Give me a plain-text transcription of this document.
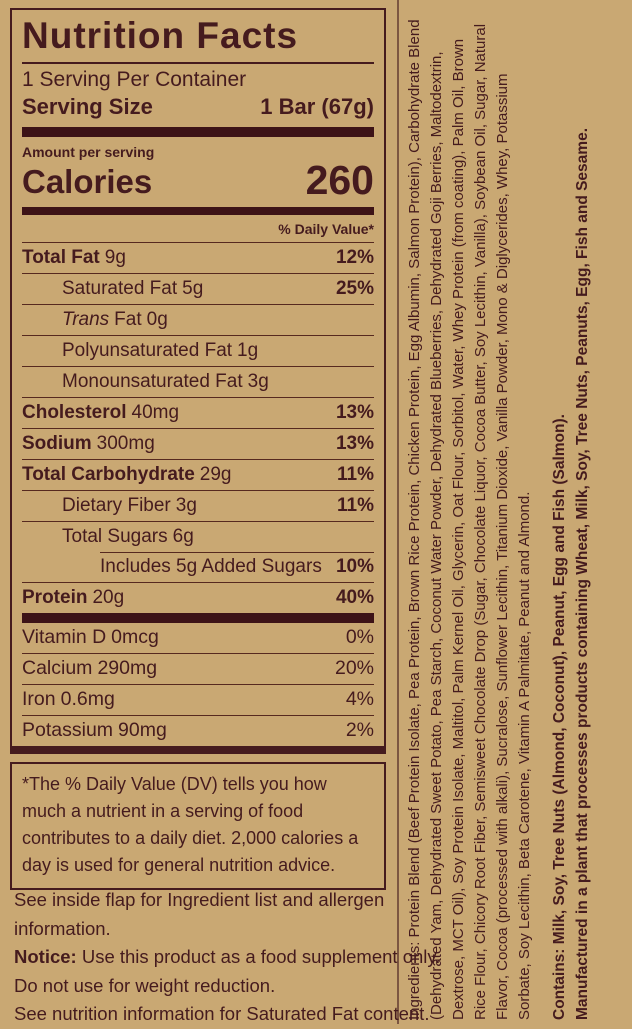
Nutrition Facts
1 Serving Per Container
Serving Size	1 Bar (67g)
Amount per serving
Calories	260
% Daily Value*
Total Fat 9g	12%
Saturated Fat 5g	25%
Trans Fat 0g
Polyunsaturated Fat 1g
Monounsaturated Fat 3g
Cholesterol 40mg	13%
Sodium 300mg	13%
Total Carbohydrate 29g	11%
Dietary Fiber 3g	11%
Total Sugars 6g
Includes 5g Added Sugars 10%
Protein 20g	40%
Vitamin D 0mcg	0%
Calcium 290mg	20%
Iron 0.6mg	4%
Potassium 90mg	2%

*The % Daily Value (DV) tells you how much a nutrient in a serving of food contributes to a daily diet. 2,000 calories a day is used for general nutrition advice.

See inside flap for Ingredient list and allergen
information.
Notice: Use this product as a food supplement only.
Do not use for weight reduction.
See nutrition information for Saturated Fat content.

Ingredients: Protein Blend (Beef Protein Isolate, Pea Protein, Brown Rice Protein, Chicken Protein, Egg Albumin, Salmon Protein), Carbohydrate Blend (Dehydrated Yam, Dehydrated Sweet Potato, Pea Starch, Coconut Water Powder, Dehydrated Blueberries, Dehydrated Goji Berries, Maltodextrin, Dextrose, MCT Oil), Soy Protein Isolate, Maltitol, Palm Kernel Oil, Glycerin, Oat Flour, Sorbitol, Water, Whey Protein (from coating), Palm Oil, Brown Rice Flour, Chicory Root Fiber, Semisweet Chocolate Drop (Sugar, Chocolate Liquor, Cocoa Butter, Soy Lecithin, Vanilla), Soybean Oil, Sugar, Natural Flavor, Cocoa (processed with alkali), Sucralose, Sunflower Lecithin, Titanium Dioxide, Vanilla Powder, Mono & Diglycerides, Whey, Potassium Sorbate, Soy Lecithin, Beta Carotene, Vitamin A Palmitate, Peanut and Almond. Contains: Milk, Soy, Tree Nuts (Almond, Coconut), Peanut, Egg and Fish (Salmon). Manufactured in a plant that processes products containing Wheat, Milk, Soy, Tree Nuts, Peanuts, Egg, Fish and Sesame.
